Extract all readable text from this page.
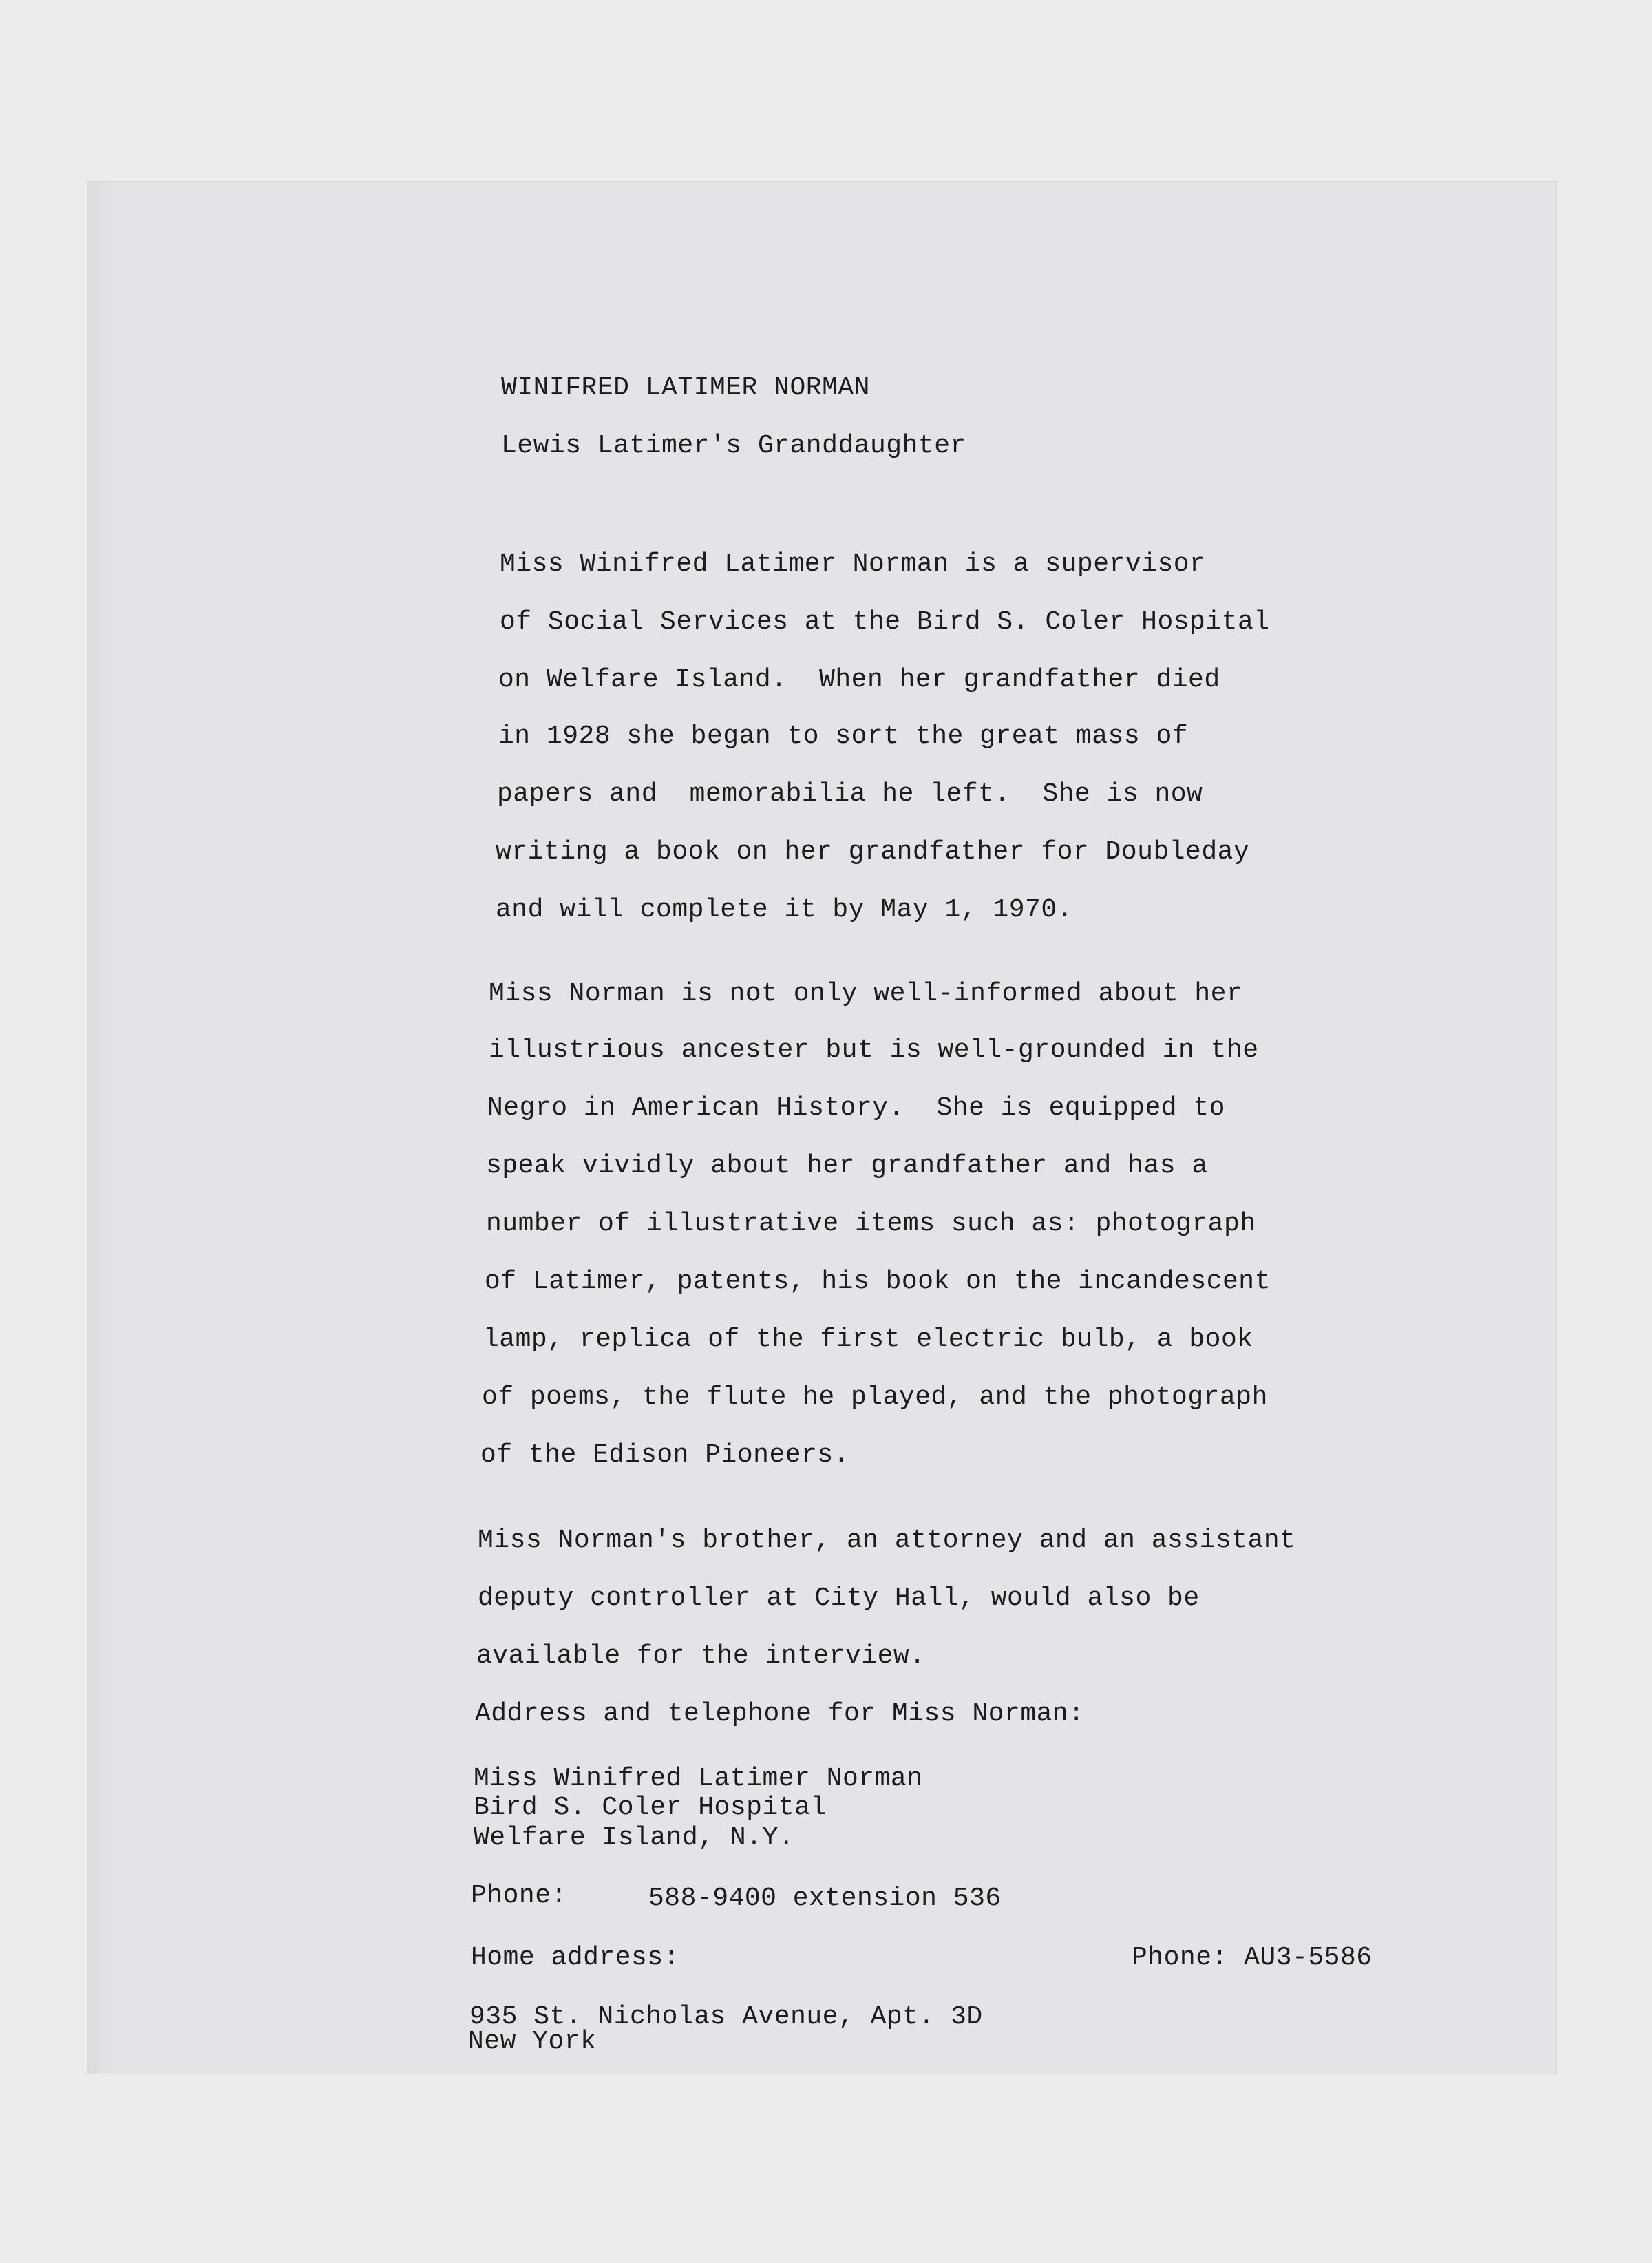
WINIFRED LATIMER NORMAN
Lewis Latimer's Granddaughter
Miss Winifred Latimer Norman is a supervisor
of Social Services at the Bird S. Coler Hospital
on Welfare Island.  When her grandfather died
in 1928 she began to sort the great mass of
papers and  memorabilia he left.  She is now
writing a book on her grandfather for Doubleday
and will complete it by May 1, 1970.
Miss Norman is not only well-informed about her
illustrious ancester but is well-grounded in the
Negro in American History.  She is equipped to
speak vividly about her grandfather and has a
number of illustrative items such as: photograph
of Latimer, patents, his book on the incandescent
lamp, replica of the first electric bulb, a book
of poems, the flute he played, and the photograph
of the Edison Pioneers.
Miss Norman's brother, an attorney and an assistant
deputy controller at City Hall, would also be
available for the interview.
Address and telephone for Miss Norman:
Miss Winifred Latimer Norman
Bird S. Coler Hospital
Welfare Island, N.Y.
Phone:	588-9400 extension 536
Home address:	Phone: AU3-5586
935 St. Nicholas Avenue, Apt. 3D
New York
